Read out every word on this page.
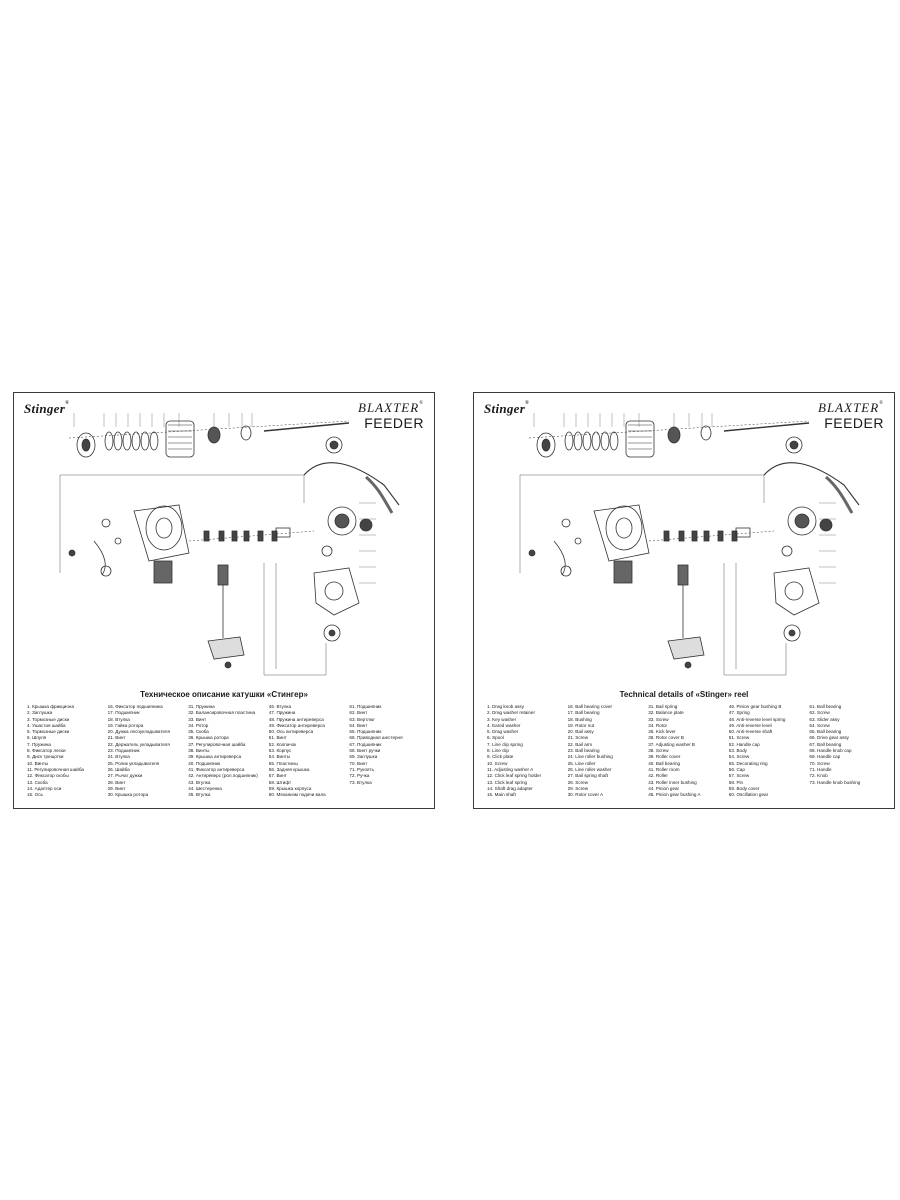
Stinger®	BLAXTER®
FEEDER
Техническое описание катушки «Стингер»
1. Крышка фрикциона
2. Заглушка
3. Тормозные диски
4. Ушастая шайба
5. Тормозные диски
6. Шпуля
7. Пружина
8. Фиксатор лески
9. Диск трещотки
10. Винты
11. Регулировочная шайба
12. Фиксатор скобы
13. Скоба
14. Адаптер оси
15. Ось
16. Фиксатор подшипника
17. Подшипник
18. Втулка
19. Гайка ротора
20. Дужка лесоукладывателя
21. Винт
22. Держатель укладывателя
23. Подшипник
24. Втулка
25. Ролик укладывателя
26. Шайба
27. Рычаг дужки
28. Винт
29. Винт
30. Крышка ротора
31. Пружина
32. Балансировочная пластина
33. Винт
34. Ротор
35. Скоба
36. Крышка ротора
37. Регулировочная шайба
38. Винты
39. Крышка антиреверса
40. Подшипник
41. Фиксатор антиреверса
42. Антиреверс (рол.подшипник)
43. Втулка
44. Шестеренка
45. Втулка
46. Втулка
47. Пружина
48. Пружина антиреверса
49. Фиксатор антиреверса
50. Ось антиреверса
51. Винт
52. Колпачок
53. Корпус
54. Винты
55. Пластины
56. Задняя крышка
57. Винт
58. Штифт
59. Крышка корпуса
60. Механизм подачи вала
61. Подшипник
62. Винт
63. Вертлюг
64. Винт
65. Подшипник
66. Приводная шестерня
67. Подшипник
68. Винт ручки
69. Заглушка
70. Винт
71. Рукоять
72. Ручка
73. Втулка
Stinger®	BLAXTER®
FEEDER
Technical details of «Stinger» reel
1. Drag knob assy
2. Drag washer retainer
3. Key washer
4. Eared washer
5. Drag washer
6. Spool
7. Line clip spring
8. Line clip
9. Click plate
10. Screw
11. Adjusting washer A
12. Click leaf spring holder
13. Click leaf spring
14. Shaft drag adapter
15. Main shaft
16. Ball bearing cover
17. Ball bearing
18. Bushing
19. Rotor nut
20. Bail assy
21. Screw
22. Bail arm
23. Ball bearing
24. Line roller bushing
25. Line roller
26. Line roller washer
27. Bail spring shaft
28. Screw
29. Screw
30. Rotor cover A
31. Bail spring
32. Balance plate
33. Screw
34. Rotor
35. Kick lever
36. Rotor cover B
37. Adjusting washer B
38. Screw
39. Roller cover
40. Ball bearing
41. Roller room
42. Roller
43. Roller inner bushing
44. Pinion gear
45. Pinion gear bushing A
46. Pinion gear bushing B
47. Spring
48. Anti-reverse level spring
49. Anti-reverse level
50. Anti-reverse shaft
51. Screw
52. Handle cap
53. Body
54. Screw
55. Decorating ring
56. Cap
57. Screw
58. Pin
59. Body cover
60. Oscillation gear
61. Ball bearing
62. Screw
63. Slider assy
64. Screw
65. Ball bearing
66. Drive gear assy
67. Ball bearing
68. Handle knob cap
69. Handle cap
70. Screw
71. Handle
72. Knob
73. Handle knob bushing
